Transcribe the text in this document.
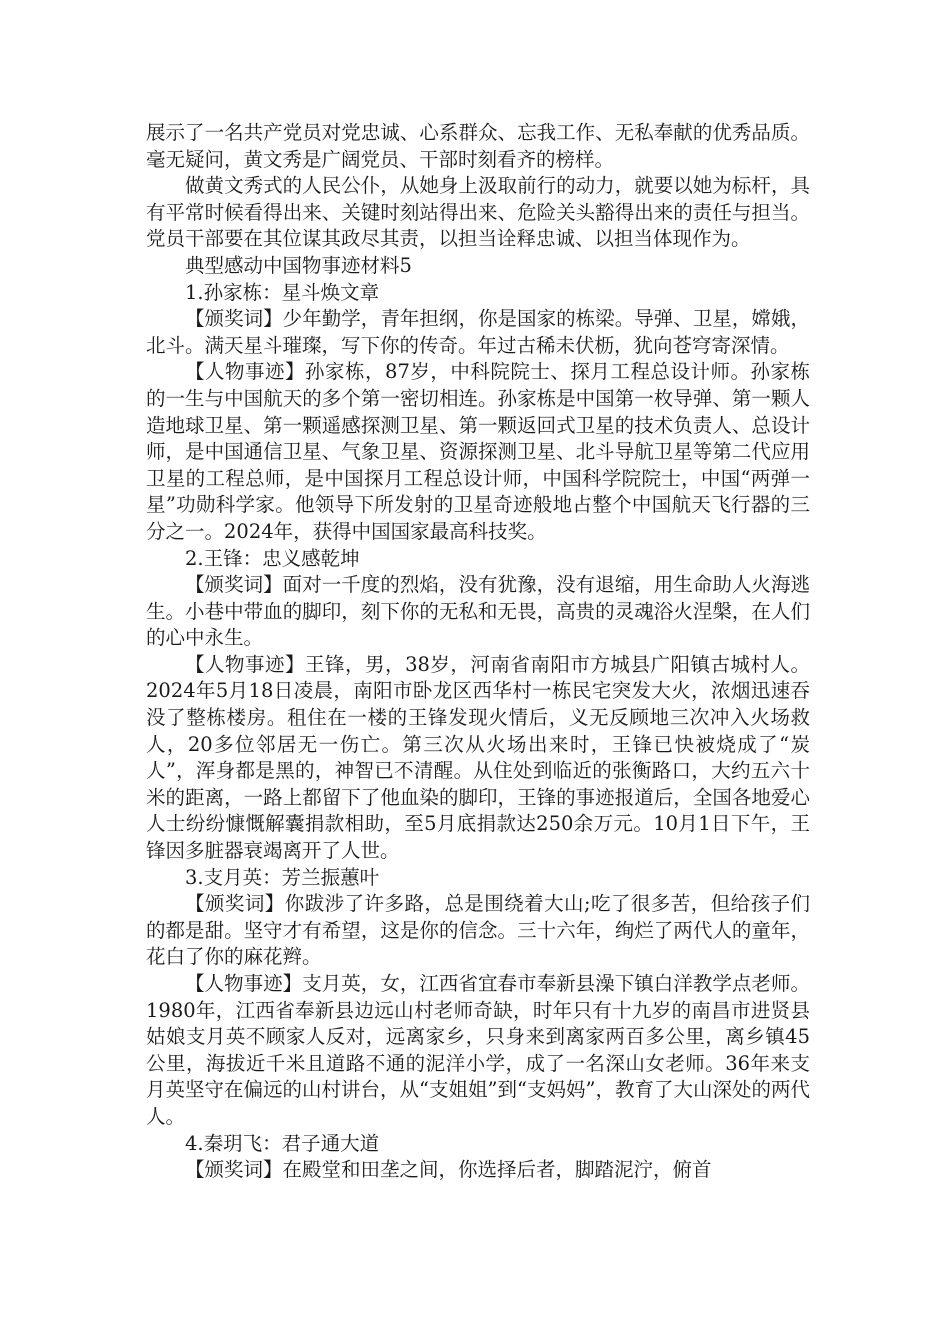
展示了一名共产党员对党忠诚、心系群众、忘我工作、无私奉献的优秀品质。毫无疑问，黄文秀是广阔党员、干部时刻看齐的榜样。

做黄文秀式的人民公仆，从她身上汲取前行的动力，就要以她为标杆，具有平常时候看得出来、关键时刻站得出来、危险关头豁得出来的责任与担当。党员干部要在其位谋其政尽其责，以担当诠释忠诚、以担当体现作为。

典型感动中国物事迹材料5

1.孙家栋：星斗焕文章

【颁奖词】少年勤学，青年担纲，你是国家的栋梁。导弹、卫星，嫦娥，北斗。满天星斗璀璨，写下你的传奇。年过古稀未伏枥，犹向苍穹寄深情。

【人物事迹】孙家栋，87岁，中科院院士、探月工程总设计师。孙家栋的一生与中国航天的多个第一密切相连。孙家栋是中国第一枚导弹、第一颗人造地球卫星、第一颗遥感探测卫星、第一颗返回式卫星的技术负责人、总设计师，是中国通信卫星、气象卫星、资源探测卫星、北斗导航卫星等第二代应用卫星的工程总师，是中国探月工程总设计师，中国科学院院士，中国“两弹一星”功勋科学家。他领导下所发射的卫星奇迹般地占整个中国航天飞行器的三分之一。2024年，获得中国国家最高科技奖。

2.王锋：忠义感乾坤

【颁奖词】面对一千度的烈焰，没有犹豫，没有退缩，用生命助人火海逃生。小巷中带血的脚印，刻下你的无私和无畏，高贵的灵魂浴火涅槃，在人们的心中永生。

【人物事迹】王锋，男，38岁，河南省南阳市方城县广阳镇古城村人。2024年5月18日凌晨，南阳市卧龙区西华村一栋民宅突发大火，浓烟迅速吞没了整栋楼房。租住在一楼的王锋发现火情后，义无反顾地三次冲入火场救人，20多位邻居无一伤亡。第三次从火场出来时，王锋已快被烧成了“炭人”，浑身都是黑的，神智已不清醒。从住处到临近的张衡路口，大约五六十米的距离，一路上都留下了他血染的脚印，王锋的事迹报道后，全国各地爱心人士纷纷慷慨解囊捐款相助，至5月底捐款达250余万元。10月1日下午，王锋因多脏器衰竭离开了人世。

3.支月英：芳兰振蕙叶

【颁奖词】你跋涉了许多路，总是围绕着大山;吃了很多苦，但给孩子们的都是甜。坚守才有希望，这是你的信念。三十六年，绚烂了两代人的童年，花白了你的麻花辫。

【人物事迹】支月英，女，江西省宜春市奉新县澡下镇白洋教学点老师。1980年，江西省奉新县边远山村老师奇缺，时年只有十九岁的南昌市进贤县姑娘支月英不顾家人反对，远离家乡，只身来到离家两百多公里，离乡镇45公里，海拔近千米且道路不通的泥洋小学，成了一名深山女老师。36年来支月英坚守在偏远的山村讲台，从“支姐姐”到“支妈妈”，教育了大山深处的两代人。

4.秦玥飞：君子通大道

【颁奖词】在殿堂和田垄之间，你选择后者，脚踏泥泞，俯首
